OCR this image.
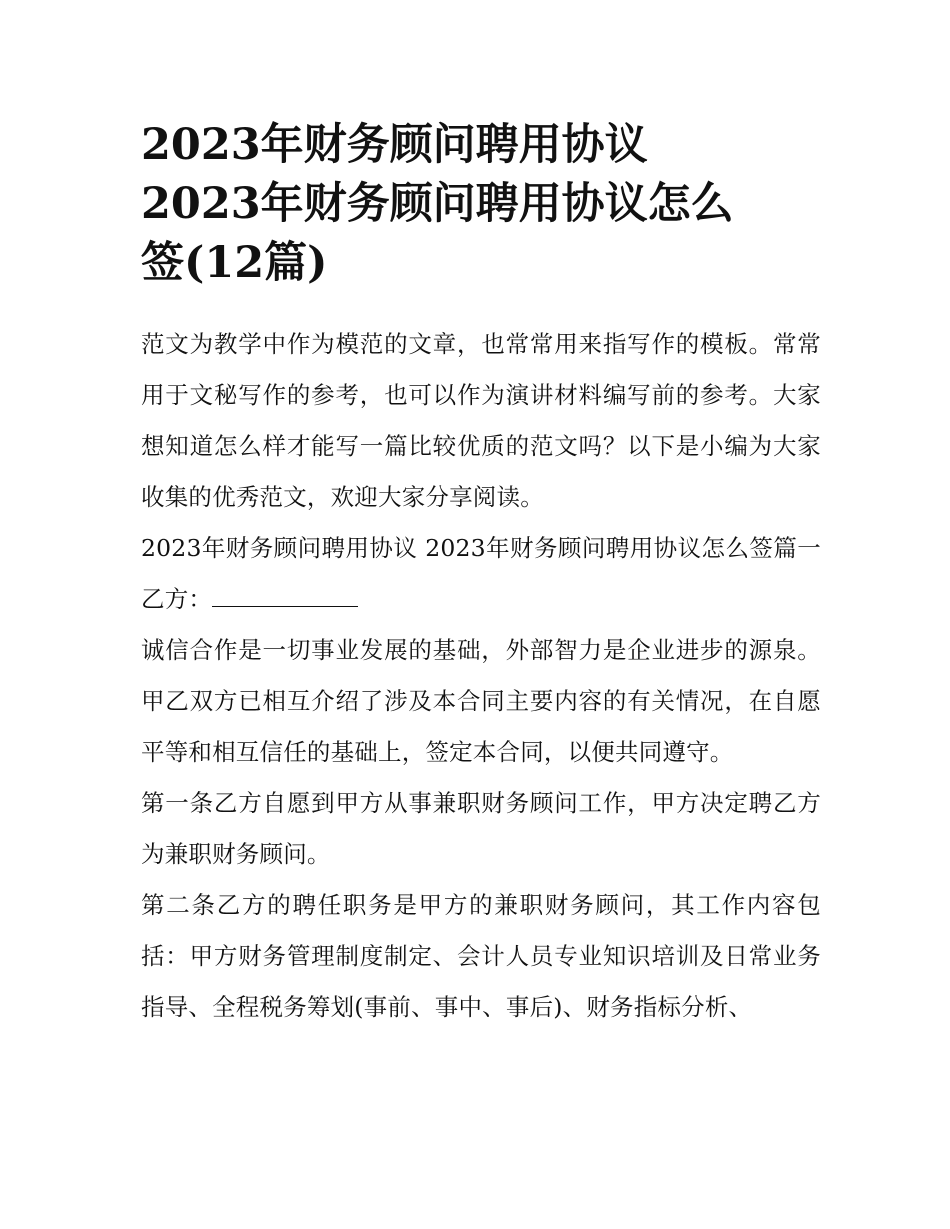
2023年财务顾问聘用协议
2023年财务顾问聘用协议怎么
签(12篇)

范文为教学中作为模范的文章，也常常用来指写作的模板。常常用于文秘写作的参考，也可以作为演讲材料编写前的参考。大家想知道怎么样才能写一篇比较优质的范文吗？以下是小编为大家收集的优秀范文，欢迎大家分享阅读。

2023年财务顾问聘用协议 2023年财务顾问聘用协议怎么签篇一 乙方：

诚信合作是一切事业发展的基础，外部智力是企业进步的源泉。甲乙双方已相互介绍了涉及本合同主要内容的有关情况，在自愿平等和相互信任的基础上，签定本合同，以便共同遵守。

第一条乙方自愿到甲方从事兼职财务顾问工作，甲方决定聘乙方为兼职财务顾问。

第二条乙方的聘任职务是甲方的兼职财务顾问，其工作内容包括：甲方财务管理制度制定、会计人员专业知识培训及日常业务指导、全程税务筹划(事前、事中、事后)、财务指标分析、
